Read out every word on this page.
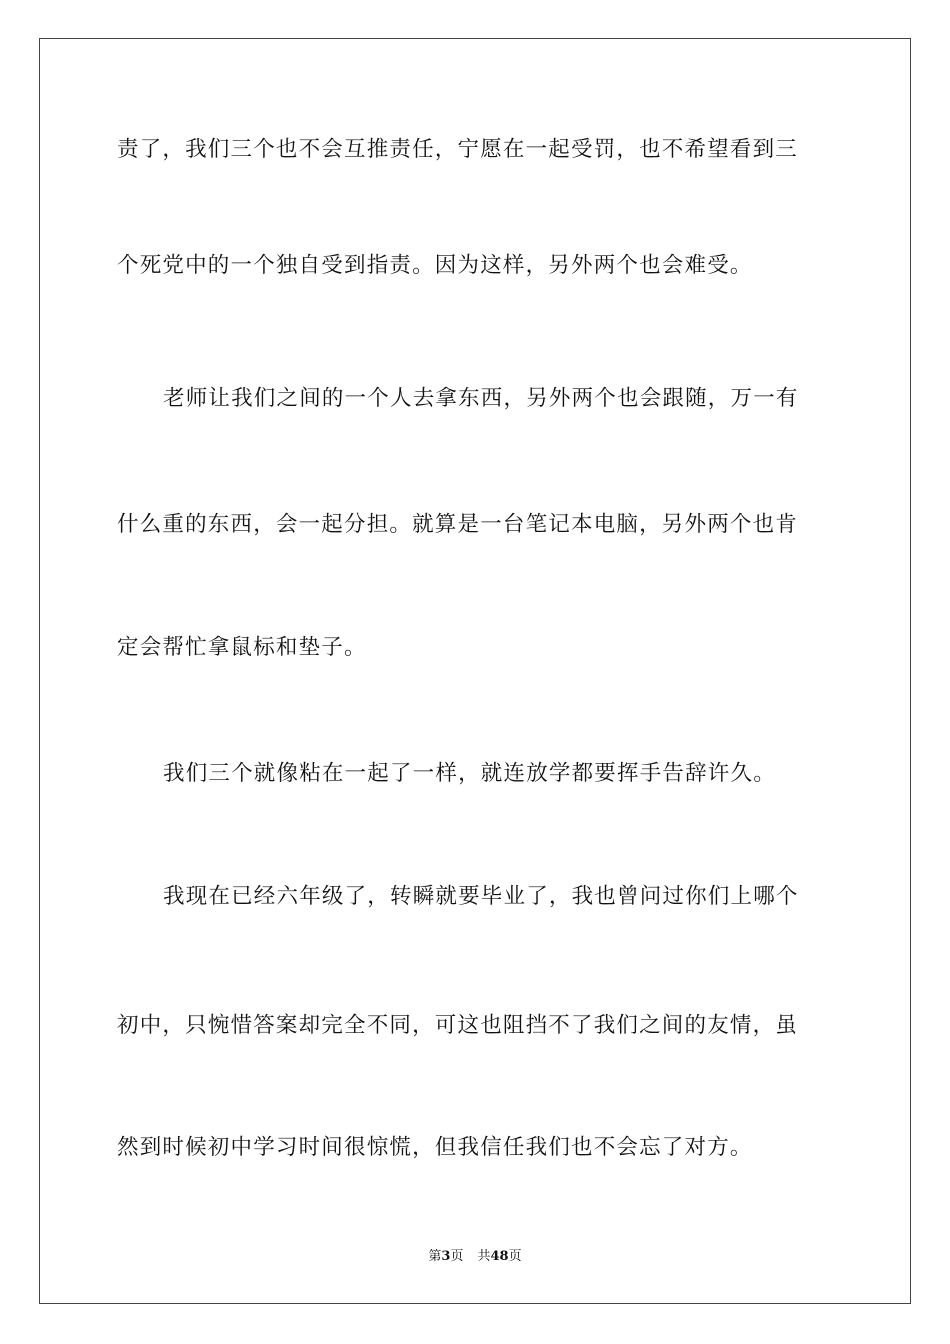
责了，我们三个也不会互推责任，宁愿在一起受罚，也不希望看到三
个死党中的一个独自受到指责。因为这样，另外两个也会难受。
老师让我们之间的一个人去拿东西，另外两个也会跟随，万一有
什么重的东西，会一起分担。就算是一台笔记本电脑，另外两个也肯
定会帮忙拿鼠标和垫子。
我们三个就像粘在一起了一样，就连放学都要挥手告辞许久。
我现在已经六年级了，转瞬就要毕业了，我也曾问过你们上哪个
初中，只惋惜答案却完全不同，可这也阻挡不了我们之间的友情，虽
然到时候初中学习时间很惊慌，但我信任我们也不会忘了对方。
第3页 共48页
